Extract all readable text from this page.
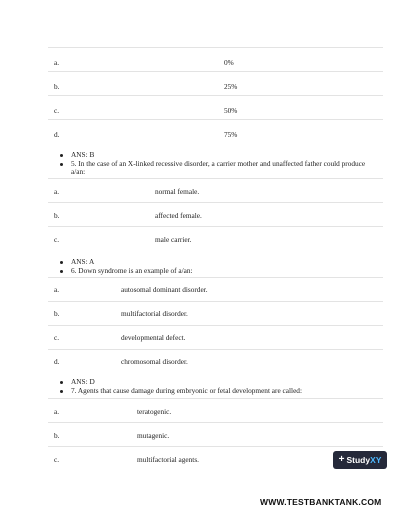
a.	0%
b.	25%
c.	50%
d.	75%
ANS: B
5. In the case of an X-linked recessive disorder, a carrier mother and unaffected father could produce a/an:
a.	normal female.
b.	affected female.
c.	male carrier.
ANS: A
6. Down syndrome is an example of a/an:
a.	autosomal dominant disorder.
b.	multifactorial disorder.
c.	developmental defect.
d.	chromosomal disorder.
ANS: D
7. Agents that cause damage during embryonic or fetal development are called:
a.	teratogenic.
b.	mutagenic.
c.	multifactorial agents.	+ Study XY
WWW.TESTBANKTANK.COM
